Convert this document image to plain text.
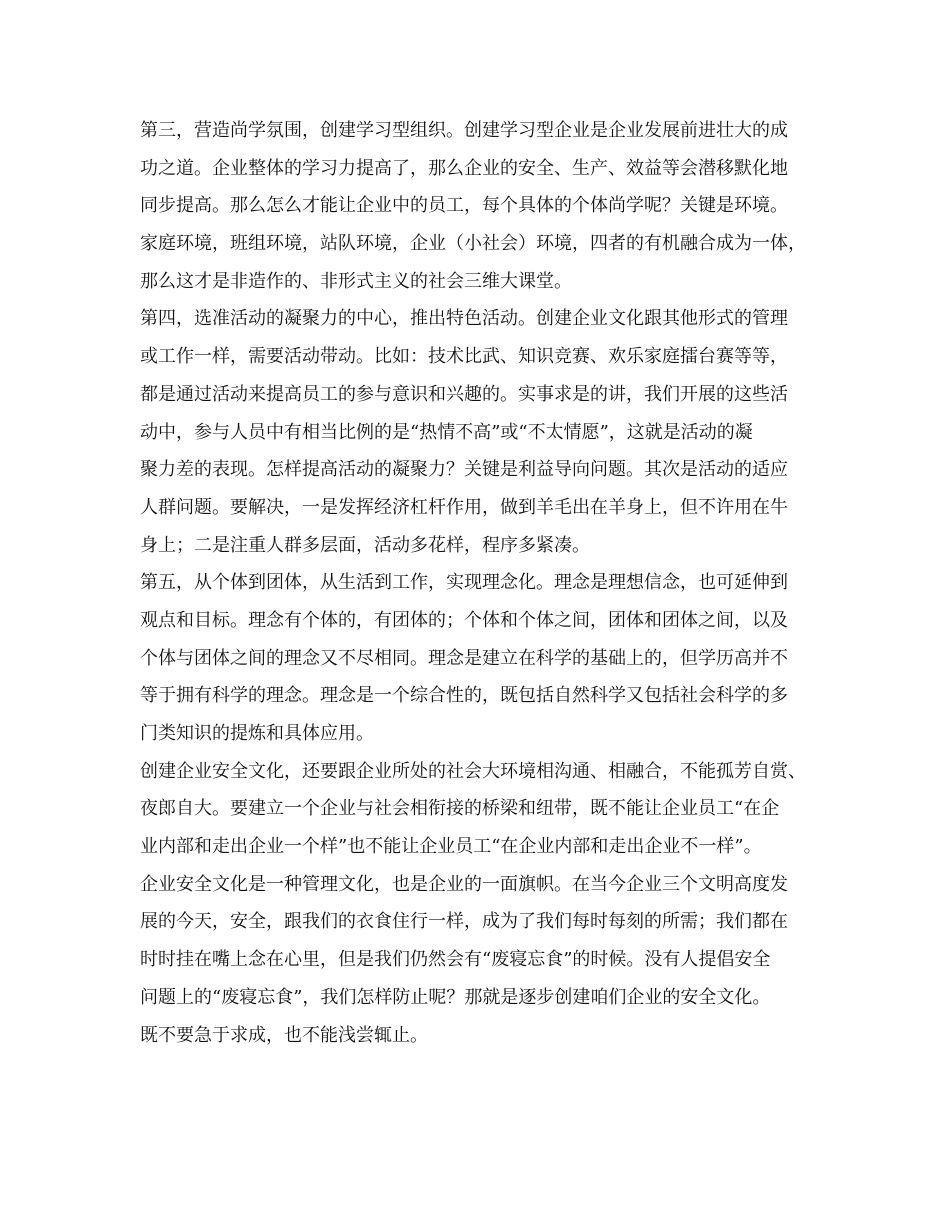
第三，营造尚学氛围，创建学习型组织。创建学习型企业是企业发展前进壮大的成
功之道。企业整体的学习力提高了，那么企业的安全、生产、效益等会潜移默化地
同步提高。那么怎么才能让企业中的员工，每个具体的个体尚学呢？关键是环境。
家庭环境，班组环境，站队环境，企业（小社会）环境，四者的有机融合成为一体，
那么这才是非造作的、非形式主义的社会三维大课堂。
第四，选准活动的凝聚力的中心，推出特色活动。创建企业文化跟其他形式的管理
或工作一样，需要活动带动。比如：技术比武、知识竞赛、欢乐家庭擂台赛等等，
都是通过活动来提高员工的参与意识和兴趣的。实事求是的讲，我们开展的这些活
动中，参与人员中有相当比例的是“热情不高”或“不太情愿”，这就是活动的凝
聚力差的表现。怎样提高活动的凝聚力？关键是利益导向问题。其次是活动的适应
人群问题。要解决，一是发挥经济杠杆作用，做到羊毛出在羊身上，但不许用在牛
身上；二是注重人群多层面，活动多花样，程序多紧凑。
第五，从个体到团体，从生活到工作，实现理念化。理念是理想信念，也可延伸到
观点和目标。理念有个体的，有团体的；个体和个体之间，团体和团体之间，以及
个体与团体之间的理念又不尽相同。理念是建立在科学的基础上的，但学历高并不
等于拥有科学的理念。理念是一个综合性的，既包括自然科学又包括社会科学的多
门类知识的提炼和具体应用。
创建企业安全文化，还要跟企业所处的社会大环境相沟通、相融合，不能孤芳自赏、
夜郎自大。要建立一个企业与社会相衔接的桥梁和纽带，既不能让企业员工“在企
业内部和走出企业一个样”也不能让企业员工“在企业内部和走出企业不一样”。
企业安全文化是一种管理文化，也是企业的一面旗帜。在当今企业三个文明高度发
展的今天，安全，跟我们的衣食住行一样，成为了我们每时每刻的所需；我们都在
时时挂在嘴上念在心里，但是我们仍然会有“废寝忘食”的时候。没有人提倡安全
问题上的“废寝忘食”，我们怎样防止呢？那就是逐步创建咱们企业的安全文化。
既不要急于求成，也不能浅尝辄止。
